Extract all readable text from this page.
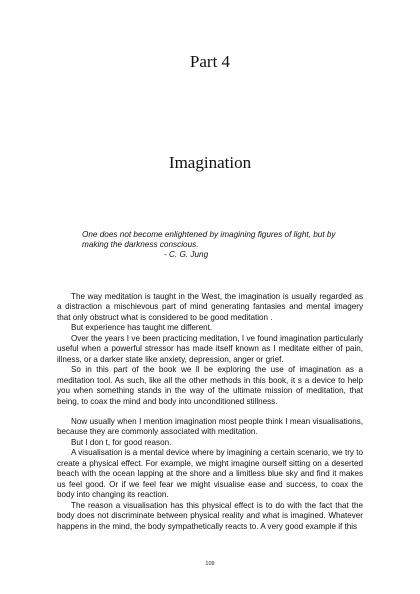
Part 4
Imagination
One does not become enlightened by imagining figures of light, but by making the darkness conscious.
- C. G. Jung

The way meditation is taught in the West, the imagination is usually regarded as a distraction a mischievous part of mind generating fantasies and mental imagery that only obstruct what is considered to be good meditation .

But experience has taught me different.

Over the years I ve been practicing meditation, I ve found imagination particularly useful when a powerful stressor has made itself known as I meditate either of pain, illness, or a darker state like anxiety, depression, anger or grief.

So in this part of the book we ll be exploring the use of imagination as a meditation tool. As such, like all the other methods in this book, it s a device to help you when something stands in the way of the ultimate mission of meditation, that being, to coax the mind and body into unconditioned stillness.

Now usually when I mention imagination most people think I mean visualisations, because they are commonly associated with meditation.

But I don t, for good reason.

A visualisation is a mental device where by imagining a certain scenario, we try to create a physical effect. For example, we might imagine ourself sitting on a deserted beach with the ocean lapping at the shore and a limitless blue sky and find it makes us feel good. Or if we feel fear we might visualise ease and success, to coax the body into changing its reaction.

The reason a visualisation has this physical effect is to do with the fact that the body does not discriminate between physical reality and what is imagined. Whatever happens in the mind, the body sympathetically reacts to. A very good example if this

109
